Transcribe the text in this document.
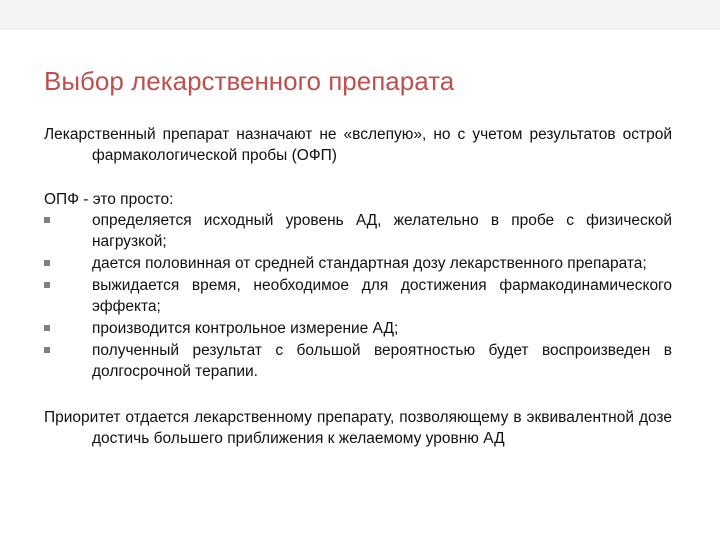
Выбор лекарственного препарата

Лекарственный препарат назначают не «вслепую», но с учетом результатов острой фармакологической пробы (ОФП)

ОПФ - это просто:

определяется исходный уровень АД, желательно в пробе с физической нагрузкой;
дается половинная от средней стандартная дозу лекарственного препарата;
выжидается время, необходимое для достижения фармакодинамического эффекта;
производится контрольное измерение АД;
полученный результат с большой вероятностью будет воспроизведен в долгосрочной терапии.

Приоритет отдается лекарственному препарату, позволяющему в эквивалентной дозе достичь большего приближения к желаемому уровню АД
